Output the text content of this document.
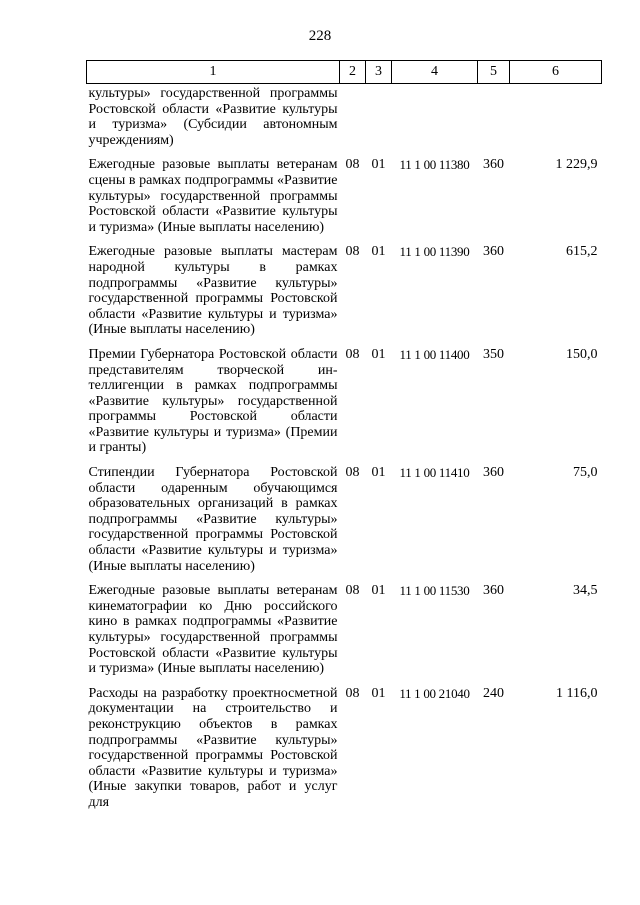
228
1	2	3	4	5	6
культуры» государственной программы Ростовской области «Развитие культуры и туризма» (Субсидии автономным учреждениям)					
Ежегодные разовые выплаты ветеранам сцены в рамках подпрограммы «Развитие культуры» государственной программы Ростовской области «Развитие культуры и туризма» (Иные выплаты населению)	08	01	11 1 00 11380	360	1 229,9
Ежегодные разовые выплаты мастерам народной культуры в рамках подпрограммы «Развитие культуры» государственной программы Ростовской области «Развитие культуры и туризма» (Иные выплаты населению)	08	01	11 1 00 11390	360	615,2
Премии Губернатора Ростовской области представителям творческой интеллигенции в рамках подпрограммы «Развитие культуры» государственной программы Ростовской области «Развитие культуры и туризма» (Премии и гранты)	08	01	11 1 00 11400	350	150,0
Стипендии Губернатора Ростовской области одаренным обучающимся образовательных организаций в рамках подпрограммы «Развитие культуры» государственной программы Ростовской области «Развитие культуры и туризма» (Иные выплаты населению)	08	01	11 1 00 11410	360	75,0
Ежегодные разовые выплаты ветеранам кинематографии ко Дню российского кино в рамках подпрограммы «Развитие культуры» государственной программы Ростовской области «Развитие культуры и туризма» (Иные выплаты населению)	08	01	11 1 00 11530	360	34,5
Расходы на разработку проектносметной документации на строительство и реконструкцию объектов в рамках подпрограммы «Развитие культуры» государственной программы Ростовской области «Развитие культуры и туризма» (Иные закупки товаров, работ и услуг для	08	01	11 1 00 21040	240	1 116,0
